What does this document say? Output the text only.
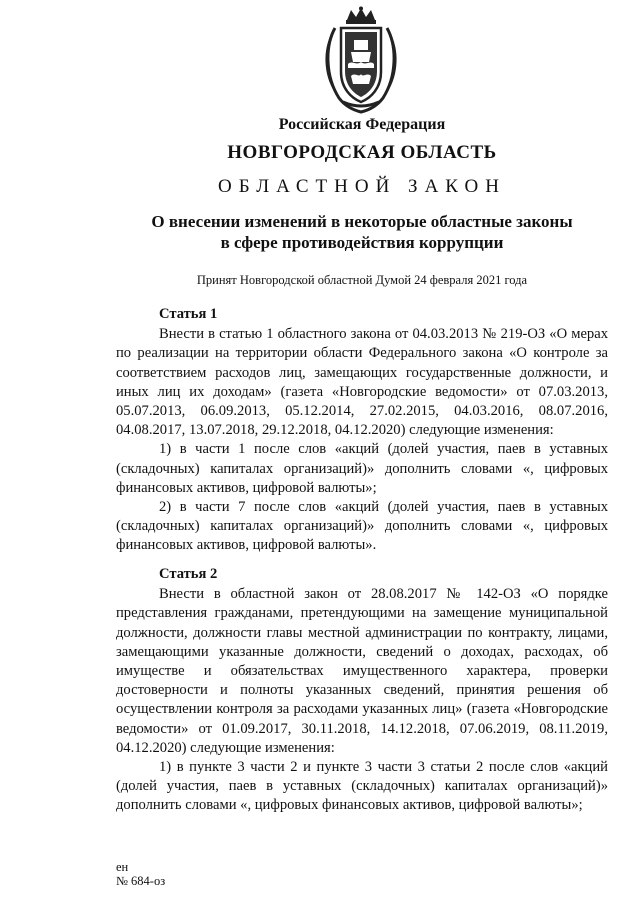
Российская Федерация
НОВГОРОДСКАЯ ОБЛАСТЬ
ОБЛАСТНОЙ ЗАКОН
О внесении изменений в некоторые областные законы
в сфере противодействия коррупции
Принят Новгородской областной Думой 24 февраля 2021 года

Статья 1

Внести в статью 1 областного закона от 04.03.2013 № 219-ОЗ «О мерах по реализации на территории области Федерального закона «О контроле за соответствием расходов лиц, замещающих государственные должности, и иных лиц их доходам» (газета «Новгородские ведомости» от 07.03.2013, 05.07.2013, 06.09.2013, 05.12.2014, 27.02.2015, 04.03.2016, 08.07.2016, 04.08.2017, 13.07.2018, 29.12.2018, 04.12.2020) следующие изменения:

1) в части 1 после слов «акций (долей участия, паев в уставных (складочных) капиталах организаций)» дополнить словами «, цифровых финансовых активов, цифровой валюты»;

2) в части 7 после слов «акций (долей участия, паев в уставных (складочных) капиталах организаций)» дополнить словами «, цифровых финансовых активов, цифровой валюты».

Статья 2

Внести в областной закон от 28.08.2017 № 142-ОЗ «О порядке представления гражданами, претендующими на замещение муниципальной должности, должности главы местной администрации по контракту, лицами, замещающими указанные должности, сведений о доходах, расходах, об имуществе и обязательствах имущественного характера, проверки достоверности и полноты указанных сведений, принятия решения об осуществлении контроля за расходами указанных лиц» (газета «Новгородские ведомости» от 01.09.2017, 30.11.2018, 14.12.2018, 07.06.2019, 08.11.2019, 04.12.2020) следующие изменения:

1) в пункте 3 части 2 и пункте 3 части 3 статьи 2 после слов «акций (долей участия, паев в уставных (складочных) капиталах организаций)» дополнить словами «, цифровых финансовых активов, цифровой валюты»;

ен
№ 684-оз
